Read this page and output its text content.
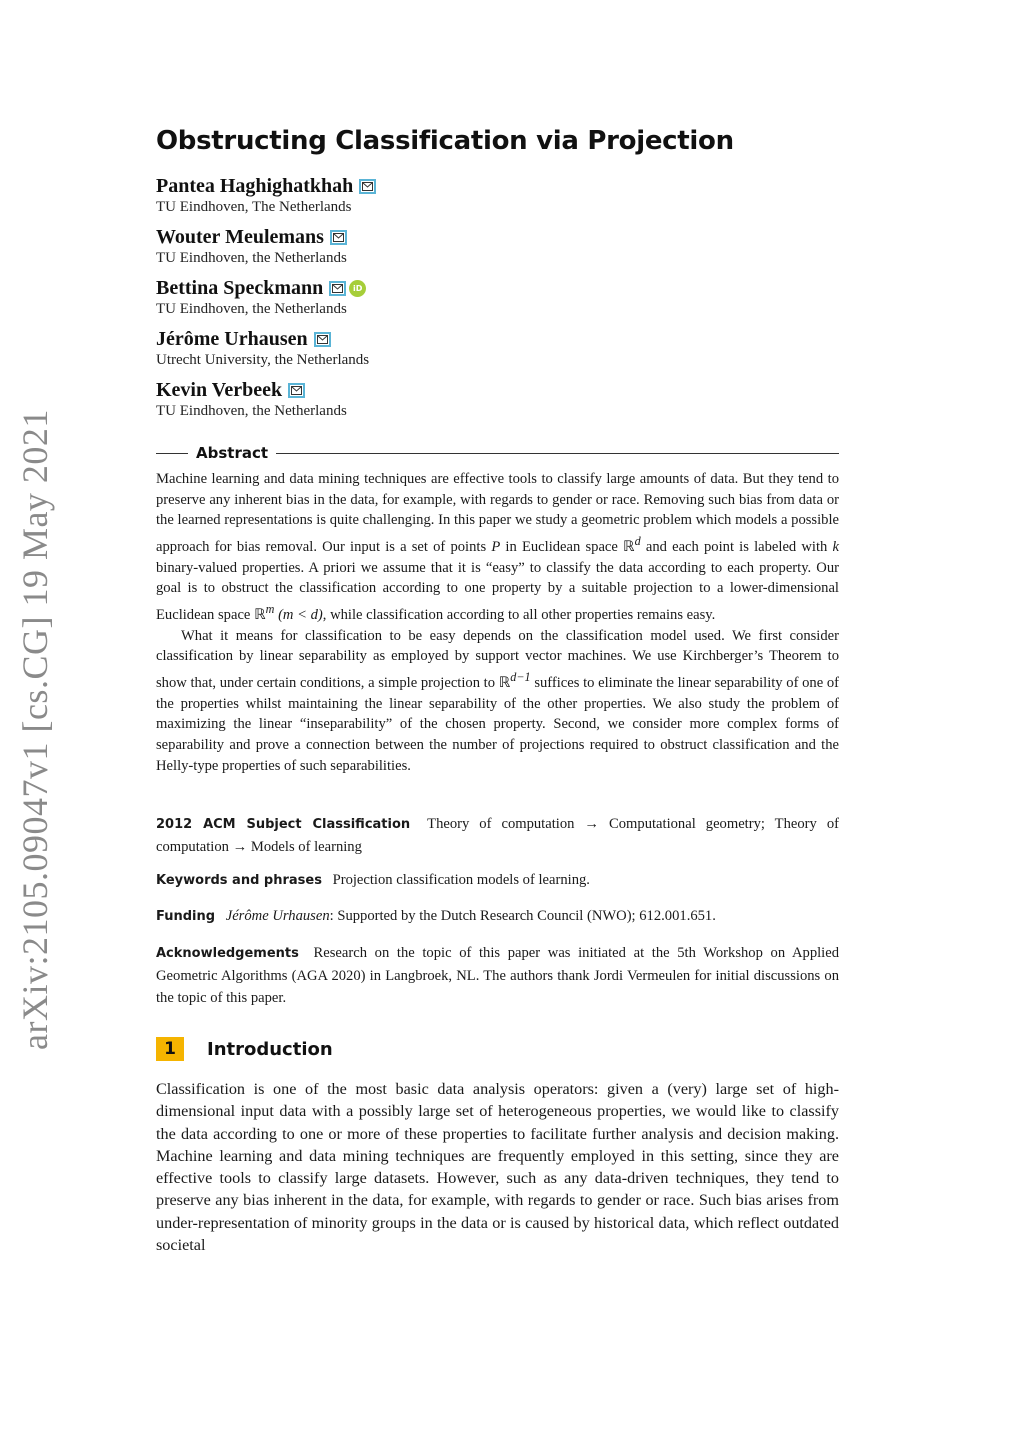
arXiv:2105.09047v1 [cs.CG] 19 May 2021
Obstructing Classification via Projection
Pantea Haghighatkhah
TU Eindhoven, The Netherlands
Wouter Meulemans
TU Eindhoven, the Netherlands
Bettina Speckmann	iD
TU Eindhoven, the Netherlands
Jérôme Urhausen
Utrecht University, the Netherlands
Kevin Verbeek
TU Eindhoven, the Netherlands
Abstract

Machine learning and data mining techniques are effective tools to classify large amounts of data. But they tend to preserve any inherent bias in the data, for example, with regards to gender or race. Removing such bias from data or the learned representations is quite challenging. In this paper we study a geometric problem which models a possible approach for bias removal. Our input is a set of points P in Euclidean space ℝ$^d$ and each point is labeled with k binary-valued properties. A priori we assume that it is “easy” to classify the data according to each property. Our goal is to obstruct the classification according to one property by a suitable projection to a lower-dimensional Euclidean space ℝ$^m$ (m < d), while classification according to all other properties remains easy.

What it means for classification to be easy depends on the classification model used. We first consider classification by linear separability as employed by support vector machines. We use Kirchberger’s Theorem to show that, under certain conditions, a simple projection to ℝ$^{d-1}$ suffices to eliminate the linear separability of one of the properties whilst maintaining the linear separability of the other properties. We also study the problem of maximizing the linear “inseparability” of the chosen property. Second, we consider more complex forms of separability and prove a connection between the number of projections required to obstruct classification and the Helly-type properties of such separabilities.

2012 ACM Subject Classification Theory of computation → Computational geometry; Theory of computation → Models of learning
Keywords and phrases Projection classification models of learning.
Funding Jérôme Urhausen: Supported by the Dutch Research Council (NWO); 612.001.651.
Acknowledgements Research on the topic of this paper was initiated at the 5th Workshop on Applied Geometric Algorithms (AGA 2020) in Langbroek, NL. The authors thank Jordi Vermeulen for initial discussions on the topic of this paper.
1	Introduction

Classification is one of the most basic data analysis operators: given a (very) large set of high-dimensional input data with a possibly large set of heterogeneous properties, we would like to classify the data according to one or more of these properties to facilitate further analysis and decision making. Machine learning and data mining techniques are frequently employed in this setting, since they are effective tools to classify large datasets. However, such as any data-driven techniques, they tend to preserve any bias inherent in the data, for example, with regards to gender or race. Such bias arises from under-representation of minority groups in the data or is caused by historical data, which reflect outdated societal
